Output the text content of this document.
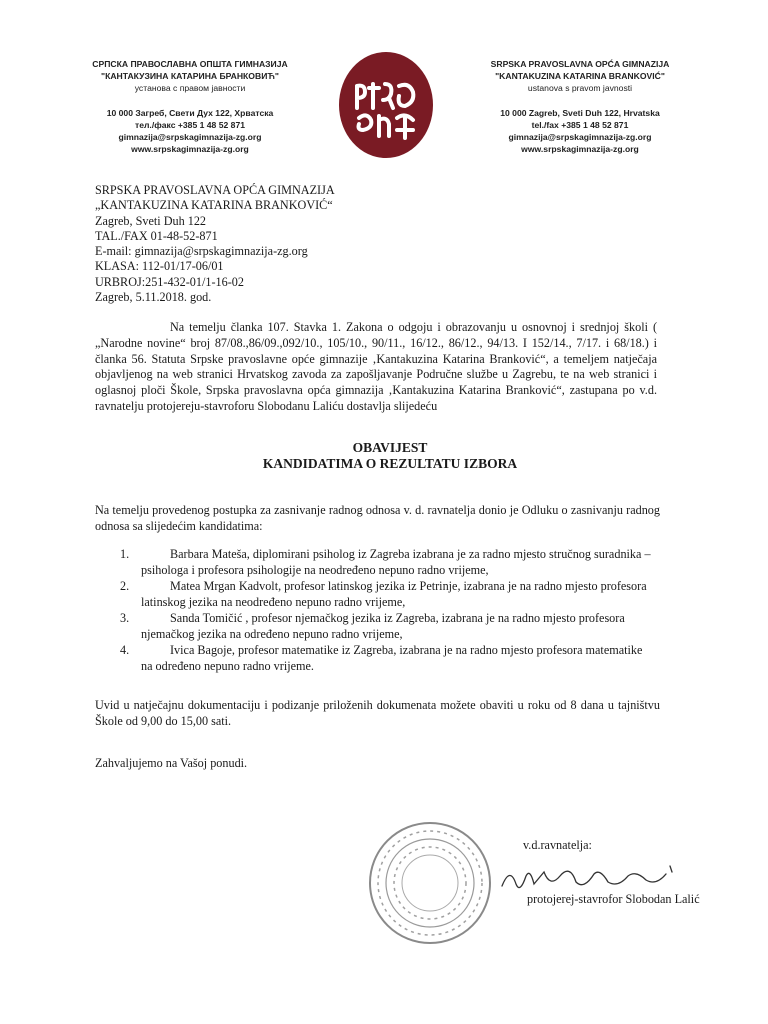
СРПСКА ПРАВОСЛАВНА ОПШТА ГИМНАЗИЈА
"КАНТАКУЗИНА КАТАРИНА БРАНКОВИЋ"
установа с правом јавности
10 000 Загреб, Свети Дух 122, Хрватска
тел./факс +385 1 48 52 871
gimnazija@srpskagimnazija-zg.org
www.srpskagimnazija-zg.org
SRPSKA PRAVOSLAVNA OPĆA GIMNAZIJA
"KANTAKUZINA KATARINA BRANKOVIĆ"
ustanova s pravom javnosti
10 000 Zagreb, Sveti Duh 122, Hrvatska
tel./fax +385 1 48 52 871
gimnazija@srpskagimnazija-zg.org
www.srpskagimnazija-zg.org
SRPSKA PRAVOSLAVNA OPĆA GIMNAZIJA
„KANTAKUZINA KATARINA BRANKOVIĆ“
Zagreb, Sveti Duh 122
TAL./FAX 01-48-52-871
E-mail: gimnazija@srpskagimnazija-zg.org
KLASA: 112-01/17-06/01
URBROJ:251-432-01/1-16-02
Zagreb, 5.11.2018. god.
Na temelju članka 107. Stavka 1. Zakona o odgoju i obrazovanju u osnovnoj i srednjoj školi ( „Narodne novine“ broj 87/08.,86/09.,092/10., 105/10., 90/11., 16/12., 86/12., 94/13. I 152/14., 7/17. i 68/18.) i članka 56. Statuta Srpske pravoslavne opće gimnazije ‚Kantakuzina Katarina Branković“, a temeljem natječaja objavljenog na web stranici Hrvatskog zavoda za zapošljavanje Područne službe u Zagrebu, te na web stranici i oglasnoj ploči Škole, Srpska pravoslavna opća gimnazija ‚Kantakuzina Katarina Branković“, zastupana po v.d. ravnatelju protojereju-stavroforu Slobodanu Laliću dostavlja slijedeću
OBAVIJEST
KANDIDATIMA O REZULTATU IZBORA
Na temelju provedenog postupka za zasnivanje radnog odnosa v. d. ravnatelja donio je Odluku o zasnivanju radnog odnosa sa slijedećim kandidatima:
1.	Barbara Mateša, diplomirani psiholog iz Zagreba izabrana je za radno mjesto stručnog suradnika –
psihologa i profesora psihologije na neodređeno nepuno radno vrijeme,
2.	Matea Mrgan Kadvolt, profesor latinskog jezika iz Petrinje, izabrana je na radno mjesto profesora
latinskog jezika na neodređeno nepuno radno vrijeme,
3.	Sanda Tomičić , profesor njemačkog jezika iz Zagreba, izabrana je na radno mjesto profesora
njemačkog jezika na određeno nepuno radno vrijeme,
4.	Ivica Bagoje, profesor matematike iz Zagreba, izabrana je na radno mjesto profesora matematike
na određeno nepuno radno vrijeme.
Uvid u natječajnu dokumentaciju i podizanje priloženih dokumenata možete obaviti u roku od 8 dana u tajništvu Škole od 9,00 do 15,00 sati.
Zahvaljujemo na Vašoj ponudi.
v.d.ravnatelja:
protojerej-stavrofor Slobodan Lalić
